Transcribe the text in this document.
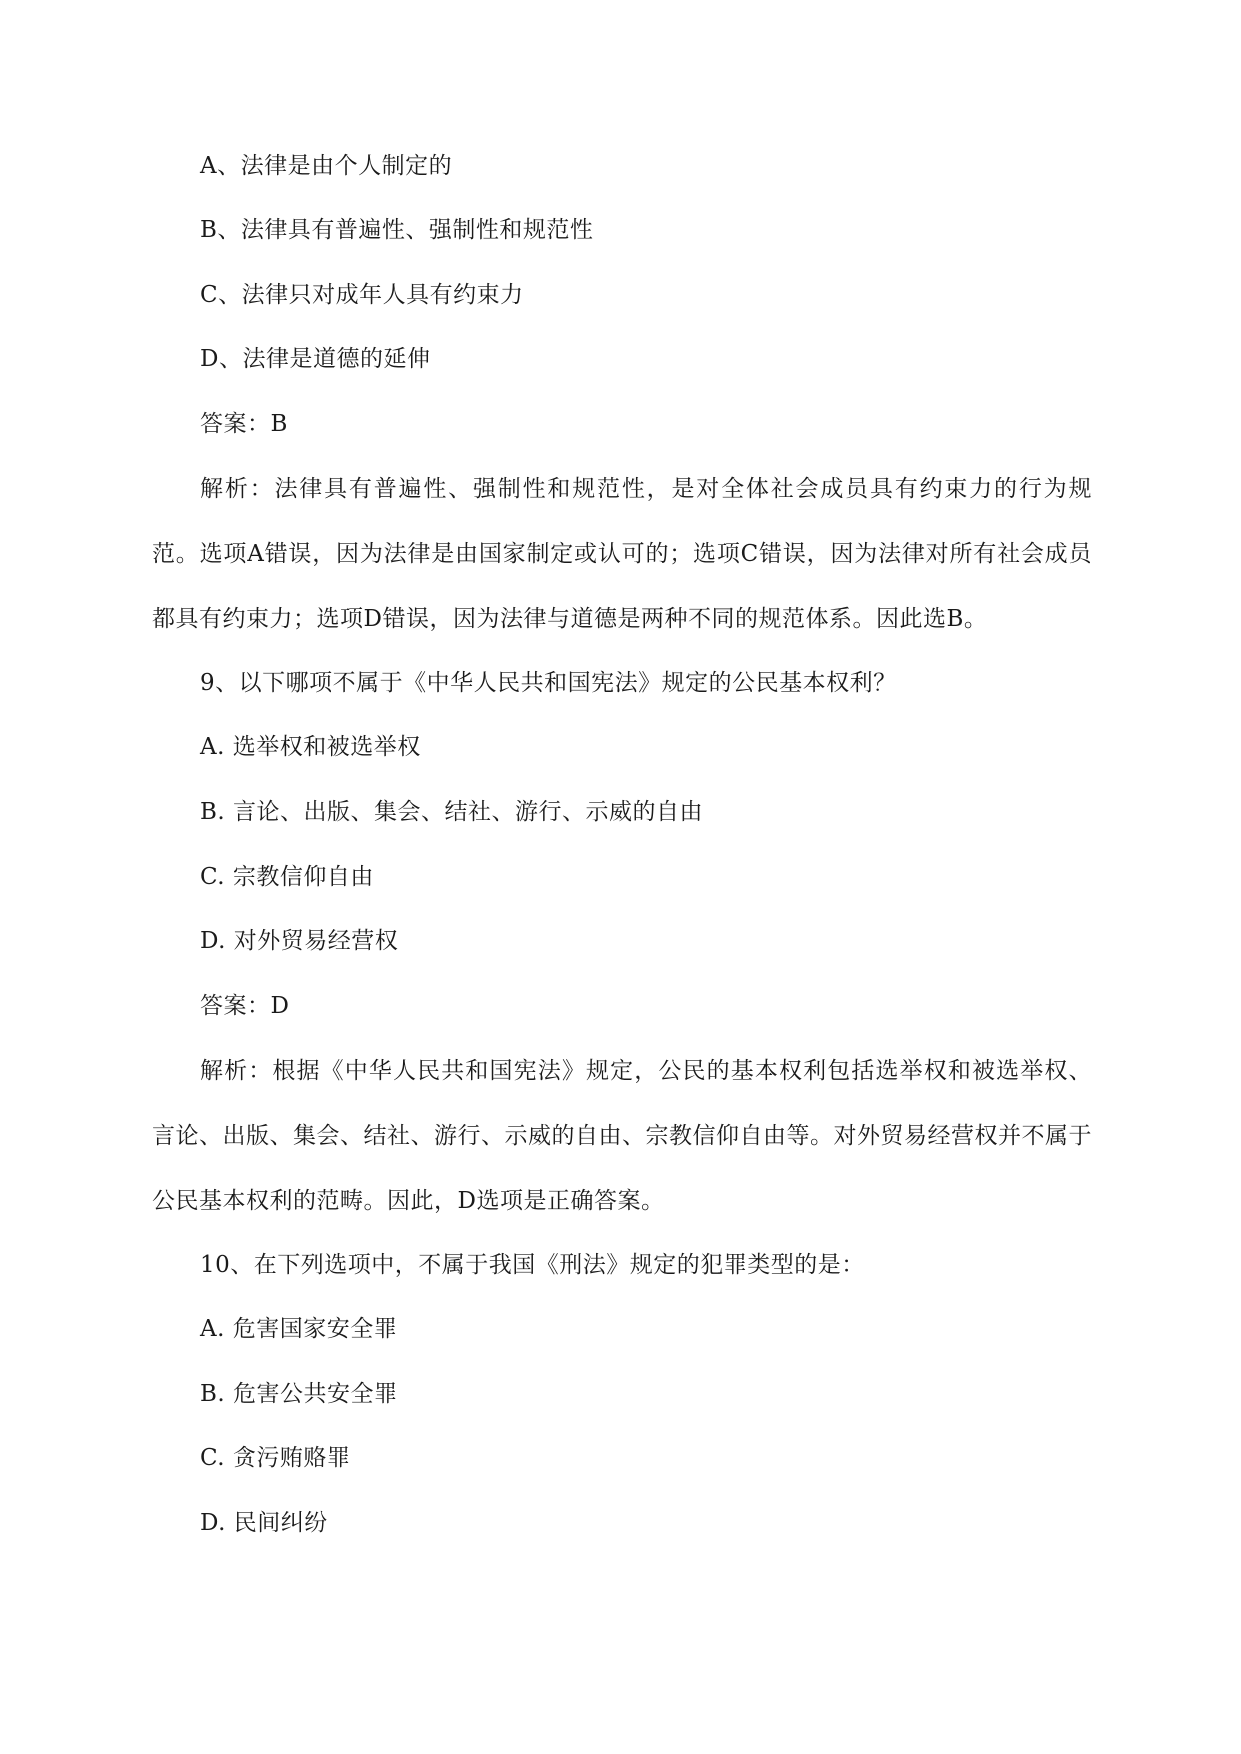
A、法律是由个人制定的
B、法律具有普遍性、强制性和规范性
C、法律只对成年人具有约束力
D、法律是道德的延伸
答案：B

解析：法律具有普遍性、强制性和规范性，是对全体社会成员具有约束力的行为规范。选项A错误，因为法律是由国家制定或认可的；选项C错误，因为法律对所有社会成员都具有约束力；选项D错误，因为法律与道德是两种不同的规范体系。因此选B。

9、以下哪项不属于《中华人民共和国宪法》规定的公民基本权利？
A. 选举权和被选举权
B. 言论、出版、集会、结社、游行、示威的自由
C. 宗教信仰自由
D. 对外贸易经营权
答案：D

解析：根据《中华人民共和国宪法》规定，公民的基本权利包括选举权和被选举权、言论、出版、集会、结社、游行、示威的自由、宗教信仰自由等。对外贸易经营权并不属于公民基本权利的范畴。因此，D选项是正确答案。

10、在下列选项中，不属于我国《刑法》规定的犯罪类型的是：
A. 危害国家安全罪
B. 危害公共安全罪
C. 贪污贿赂罪
D. 民间纠纷
